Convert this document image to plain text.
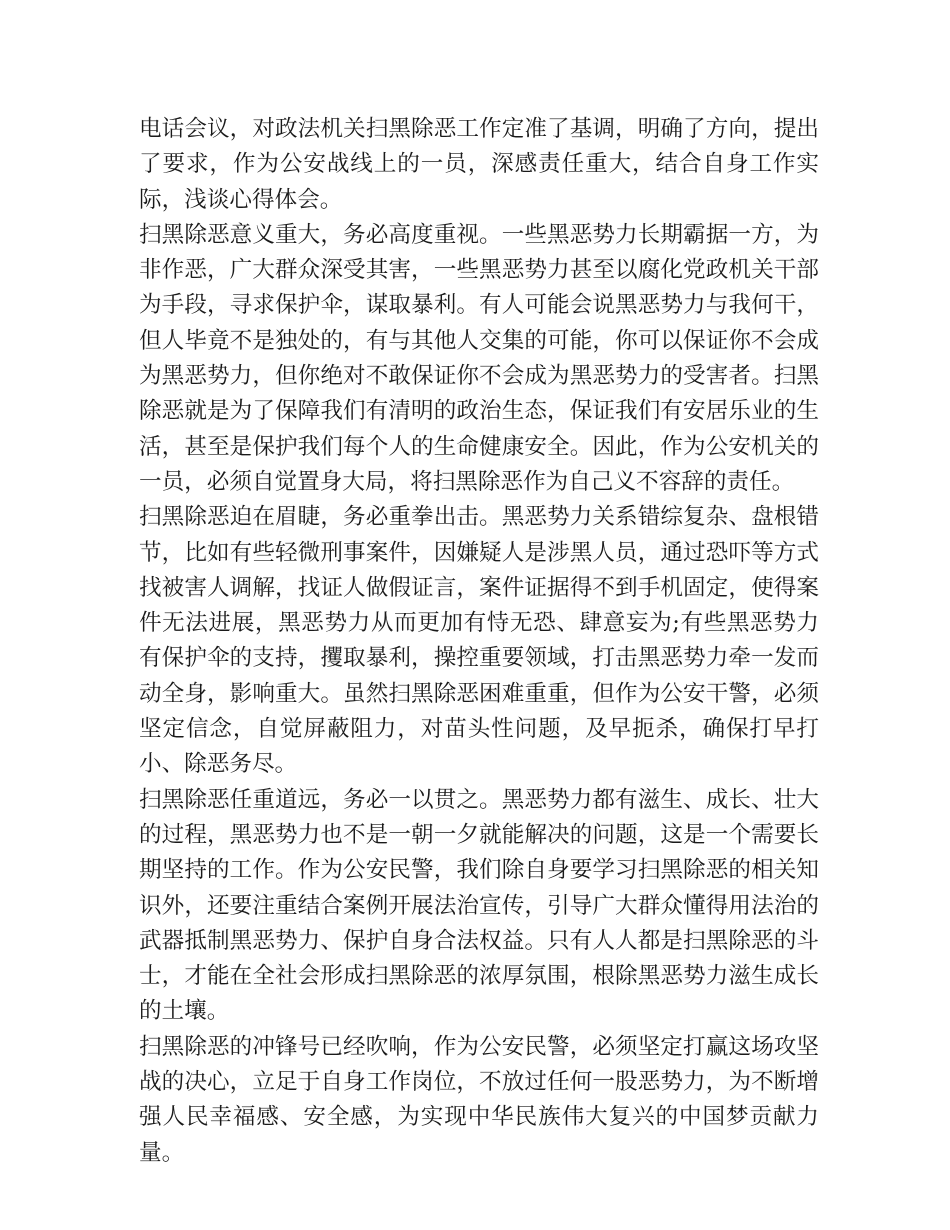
电话会议，对政法机关扫黑除恶工作定准了基调，明确了方向，提出了要求，作为公安战线上的一员，深感责任重大，结合自身工作实际，浅谈心得体会。

扫黑除恶意义重大，务必高度重视。一些黑恶势力长期霸据一方，为非作恶，广大群众深受其害，一些黑恶势力甚至以腐化党政机关干部为手段，寻求保护伞，谋取暴利。有人可能会说黑恶势力与我何干，但人毕竟不是独处的，有与其他人交集的可能，你可以保证你不会成为黑恶势力，但你绝对不敢保证你不会成为黑恶势力的受害者。扫黑除恶就是为了保障我们有清明的政治生态，保证我们有安居乐业的生活，甚至是保护我们每个人的生命健康安全。因此，作为公安机关的一员，必须自觉置身大局，将扫黑除恶作为自己义不容辞的责任。

扫黑除恶迫在眉睫，务必重拳出击。黑恶势力关系错综复杂、盘根错节，比如有些轻微刑事案件，因嫌疑人是涉黑人员，通过恐吓等方式找被害人调解，找证人做假证言，案件证据得不到手机固定，使得案件无法进展，黑恶势力从而更加有恃无恐、肆意妄为;有些黑恶势力有保护伞的支持，攫取暴利，操控重要领域，打击黑恶势力牵一发而动全身，影响重大。虽然扫黑除恶困难重重，但作为公安干警，必须坚定信念，自觉屏蔽阻力，对苗头性问题，及早扼杀，确保打早打小、除恶务尽。

扫黑除恶任重道远，务必一以贯之。黑恶势力都有滋生、成长、壮大的过程，黑恶势力也不是一朝一夕就能解决的问题，这是一个需要长期坚持的工作。作为公安民警，我们除自身要学习扫黑除恶的相关知识外，还要注重结合案例开展法治宣传，引导广大群众懂得用法治的武器抵制黑恶势力、保护自身合法权益。只有人人都是扫黑除恶的斗士，才能在全社会形成扫黑除恶的浓厚氛围，根除黑恶势力滋生成长的土壤。

扫黑除恶的冲锋号已经吹响，作为公安民警，必须坚定打赢这场攻坚战的决心，立足于自身工作岗位，不放过任何一股恶势力，为不断增强人民幸福感、安全感，为实现中华民族伟大复兴的中国梦贡献力量。
